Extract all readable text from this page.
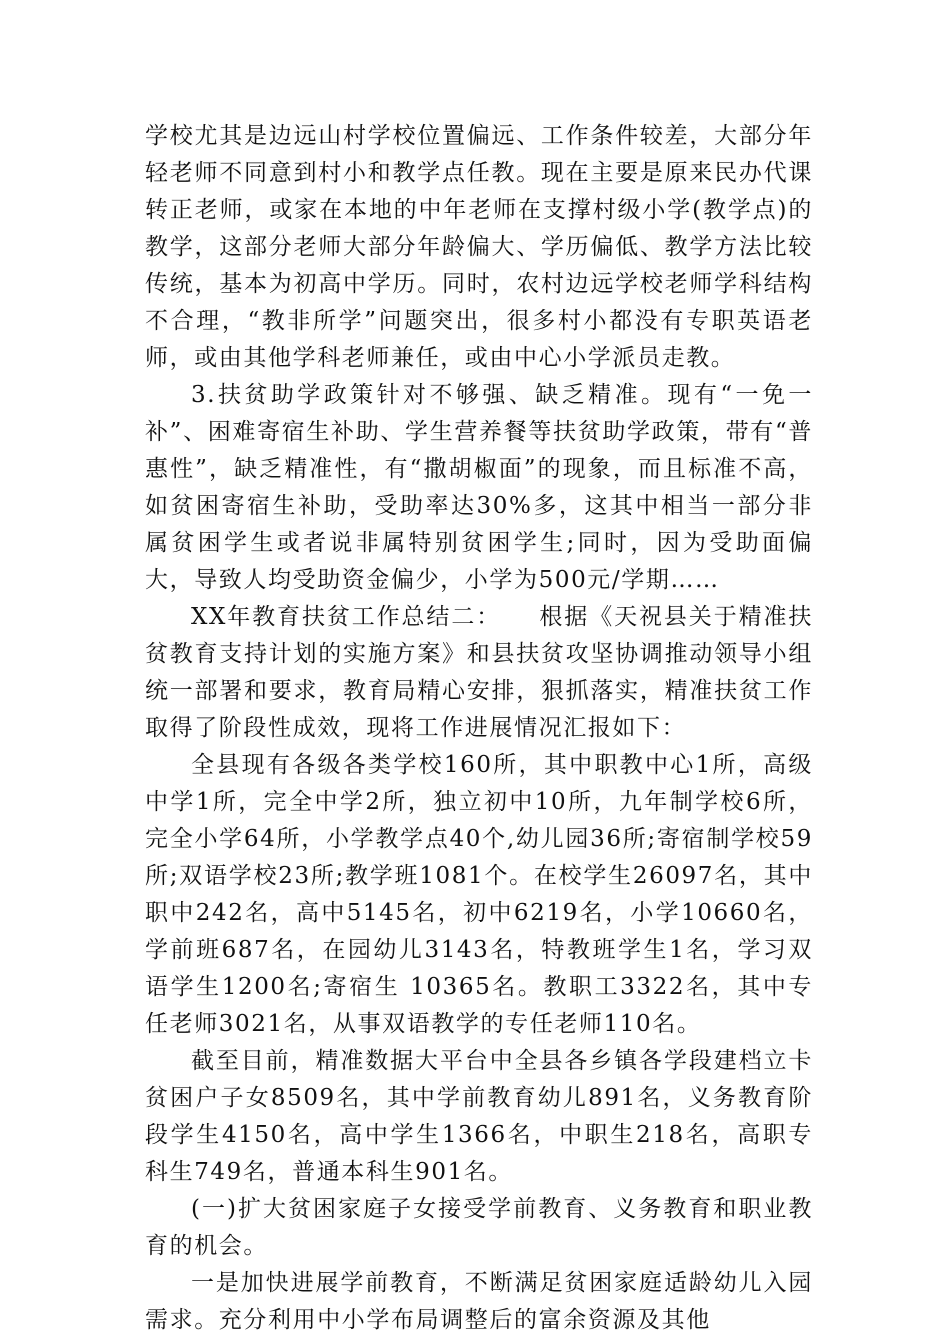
学校尤其是边远山村学校位置偏远、工作条件较差，大部分年轻老师不同意到村小和教学点任教。现在主要是原来民办代课转正老师，或家在本地的中年老师在支撑村级小学(教学点)的教学，这部分老师大部分年龄偏大、学历偏低、教学方法比较传统，基本为初高中学历。同时，农村边远学校老师学科结构不合理，“教非所学”问题突出，很多村小都没有专职英语老师，或由其他学科老师兼任，或由中心小学派员走教。

3.扶贫助学政策针对不够强、缺乏精准。现有“一免一补”、困难寄宿生补助、学生营养餐等扶贫助学政策，带有“普惠性”，缺乏精准性，有“撒胡椒面”的现象，而且标准不高，如贫困寄宿生补助，受助率达30%多，这其中相当一部分非属贫困学生或者说非属特别贫困学生;同时，因为受助面偏大，导致人均受助资金偏少，小学为500元/学期……

XX年教育扶贫工作总结二：　　根据《天祝县关于精准扶贫教育支持计划的实施方案》和县扶贫攻坚协调推动领导小组统一部署和要求，教育局精心安排，狠抓落实，精准扶贫工作取得了阶段性成效，现将工作进展情况汇报如下：

全县现有各级各类学校160所，其中职教中心1所，高级中学1所，完全中学2所，独立初中10所，九年制学校6所，完全小学64所，小学教学点40个,幼儿园36所;寄宿制学校59所;双语学校23所;教学班1081个。在校学生26097名，其中职中242名，高中5145名，初中6219名，小学10660名，学前班687名，在园幼儿3143名，特教班学生1名，学习双语学生1200名;寄宿生 10365名。教职工3322名，其中专任老师3021名，从事双语教学的专任老师110名。

截至目前，精准数据大平台中全县各乡镇各学段建档立卡贫困户子女8509名，其中学前教育幼儿891名，义务教育阶段学生4150名，高中学生1366名，中职生218名，高职专科生749名，普通本科生901名。

(一)扩大贫困家庭子女接受学前教育、义务教育和职业教育的机会。

一是加快进展学前教育，不断满足贫困家庭适龄幼儿入园需求。充分利用中小学布局调整后的富余资源及其他
